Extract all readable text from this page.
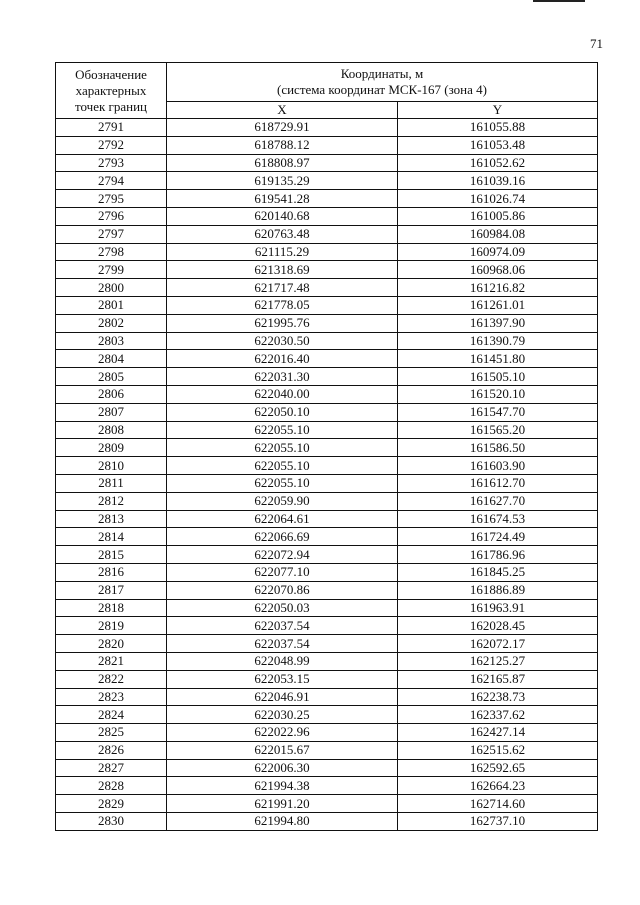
71
Обозначение
характерных
точек границ	Координаты, м
(система координат МСК-167 (зона 4)	

	X	Y
2791	618729.91	161055.88
2792	618788.12	161053.48
2793	618808.97	161052.62
2794	619135.29	161039.16
2795	619541.28	161026.74
2796	620140.68	161005.86
2797	620763.48	160984.08
2798	621115.29	160974.09
2799	621318.69	160968.06
2800	621717.48	161216.82
2801	621778.05	161261.01
2802	621995.76	161397.90
2803	622030.50	161390.79
2804	622016.40	161451.80
2805	622031.30	161505.10
2806	622040.00	161520.10
2807	622050.10	161547.70
2808	622055.10	161565.20
2809	622055.10	161586.50
2810	622055.10	161603.90
2811	622055.10	161612.70
2812	622059.90	161627.70
2813	622064.61	161674.53
2814	622066.69	161724.49
2815	622072.94	161786.96
2816	622077.10	161845.25
2817	622070.86	161886.89
2818	622050.03	161963.91
2819	622037.54	162028.45
2820	622037.54	162072.17
2821	622048.99	162125.27
2822	622053.15	162165.87
2823	622046.91	162238.73
2824	622030.25	162337.62
2825	622022.96	162427.14
2826	622015.67	162515.62
2827	622006.30	162592.65
2828	621994.38	162664.23
2829	621991.20	162714.60
2830	621994.80	162737.10
